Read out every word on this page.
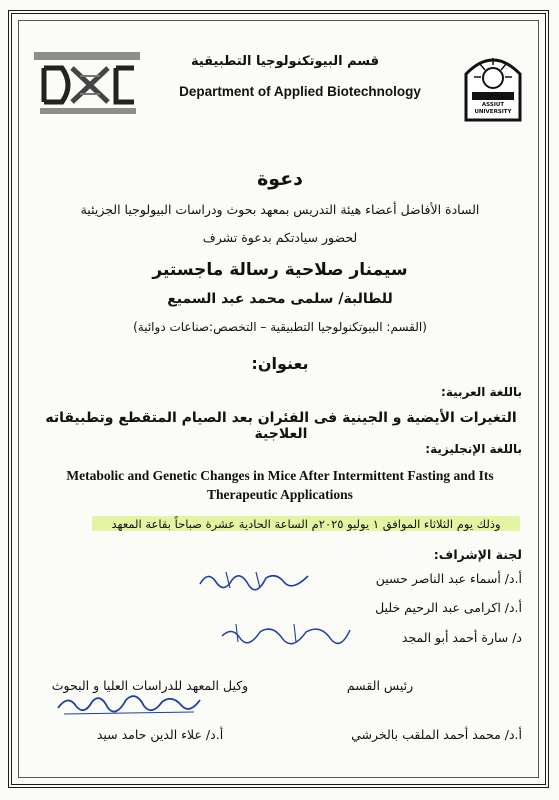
ASSIUT UNIVERSITY
قسم البيوتكنولوجيا التطبيقية
Department of Applied Biotechnology
دعوة
السادة الأفاضل أعضاء هيئة التدريس بمعهد بحوث ودراسات البيولوجيا الجزيئية
لحضور سيادتكم بدعوة تشرف
سيمنار صلاحية رسالة ماجستير
للطالبة/ سلمى محمد عبد السميع
(القسم: البيوتكنولوجيا التطبيقية – التخصص:صناعات دوائية)
بعنوان:
باللغة العربية:
التغيرات الأيضية و الجينية فى الفئران بعد الصيام المتقطع وتطبيقاته العلاجية
باللغة الإنجليزية:
Metabolic and Genetic Changes in Mice After Intermittent Fasting and Its Therapeutic Applications
وذلك يوم الثلاثاء الموافق ١ يوليو ٢٠٢٥م الساعة الحادية عشرة صباحاً بقاعة المعهد
لجنة الإشراف:
أ.د/ أسماء عبد الناصر حسين
أ.د/ اكرامى عبد الرحيم خليل
د/ سارة أحمد أبو المجد
رئيس القسم
أ.د/ محمد أحمد الملقب بالخرشي
وكيل المعهد للدراسات العليا و البحوث
أ.د/ علاء الدين حامد سيد
